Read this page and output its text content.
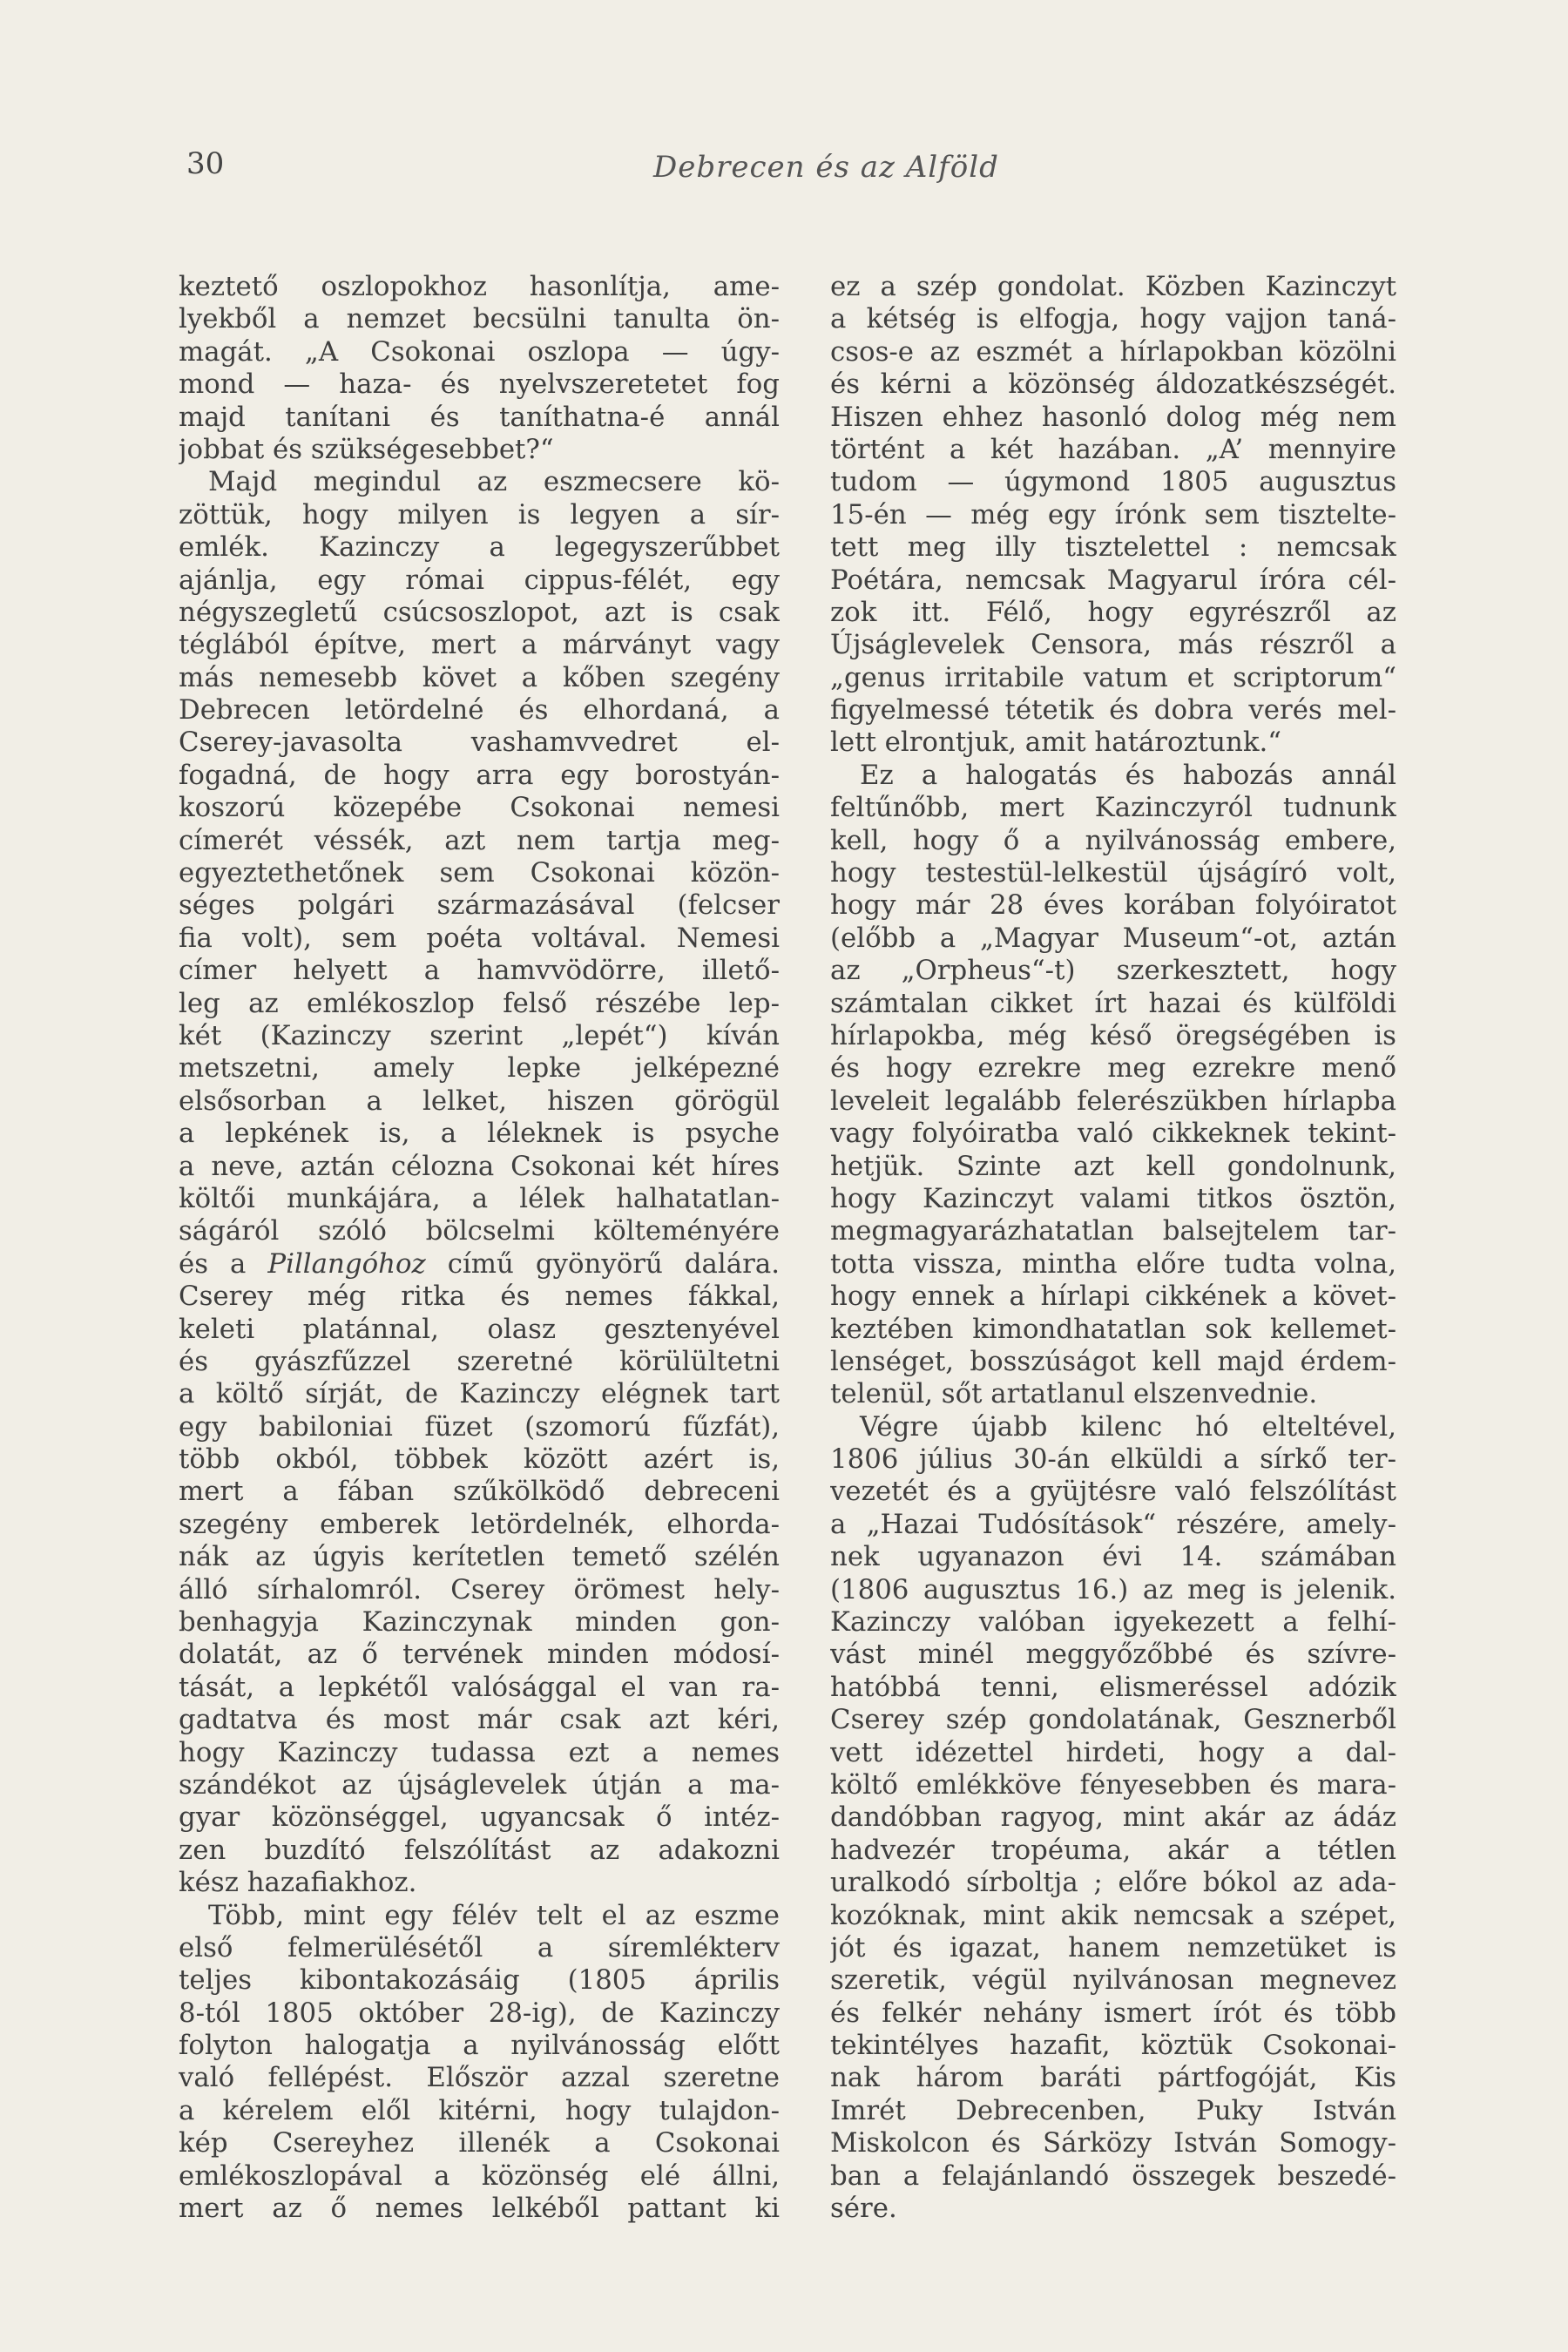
30	Debrecen és az Alföld
keztető oszlopokhoz hasonlítja, ame-
lyekből a nemzet becsülni tanulta ön-
magát. „A Csokonai oszlopa — úgy-
mond — haza- és nyelvszeretetet fog
majd tanítani és taníthatna-é annál
jobbat és szükségesebbet?“
Majd megindul az eszmecsere kö-
zöttük, hogy milyen is legyen a sír-
emlék. Kazinczy a legegyszerűbbet
ajánlja, egy római cippus-félét, egy
négyszegletű csúcsoszlopot, azt is csak
téglából építve, mert a márványt vagy
más nemesebb követ a kőben szegény
Debrecen letördelné és elhordaná, a
Cserey-javasolta vashamvvedret el-
fogadná, de hogy arra egy borostyán-
koszorú közepébe Csokonai nemesi
címerét véssék, azt nem tartja meg-
egyeztethetőnek sem Csokonai közön-
séges polgári származásával (felcser
fia volt), sem poéta voltával. Nemesi
címer helyett a hamvvödörre, illető-
leg az emlékoszlop felső részébe lep-
két (Kazinczy szerint „lepét“) kíván
metszetni, amely lepke jelképezné
elsősorban a lelket, hiszen görögül
a lepkének is, a léleknek is psyche
a neve, aztán célozna Csokonai két híres
költői munkájára, a lélek halhatatlan-
ságáról szóló bölcselmi költeményére
és a Pillangóhoz című gyönyörű dalára.
Cserey még ritka és nemes fákkal,
keleti platánnal, olasz gesztenyével
és gyászfűzzel szeretné körülültetni
a költő sírját, de Kazinczy elégnek tart
egy babiloniai füzet (szomorú fűzfát),
több okból, többek között azért is,
mert a fában szűkölködő debreceni
szegény emberek letördelnék, elhorda-
nák az úgyis kerítetlen temető szélén
álló sírhalomról. Cserey örömest hely-
benhagyja Kazinczynak minden gon-
dolatát, az ő tervének minden módosí-
tását, a lepkétől valósággal el van ra-
gadtatva és most már csak azt kéri,
hogy Kazinczy tudassa ezt a nemes
szándékot az újságlevelek útján a ma-
gyar közönséggel, ugyancsak ő intéz-
zen buzdító felszólítást az adakozni
kész hazafiakhoz.
Több, mint egy félév telt el az eszme
első felmerülésétől a síremlékterv
teljes kibontakozásáig (1805 április
8-tól 1805 október 28-ig), de Kazinczy
folyton halogatja a nyilvánosság előtt
való fellépést. Először azzal szeretne
a kérelem elől kitérni, hogy tulajdon-
kép Csereyhez illenék a Csokonai
emlékoszlopával a közönség elé állni,
mert az ő nemes lelkéből pattant ki
ez a szép gondolat. Közben Kazinczyt
a kétség is elfogja, hogy vajjon taná-
csos-e az eszmét a hírlapokban közölni
és kérni a közönség áldozatkészségét.
Hiszen ehhez hasonló dolog még nem
történt a két hazában. „A’ mennyire
tudom — úgymond 1805 augusztus
15-én — még egy írónk sem tisztelte-
tett meg illy tisztelettel : nemcsak
Poétára, nemcsak Magyarul íróra cél-
zok itt. Félő, hogy egyrészről az
Újságlevelek Censora, más részről a
„genus irritabile vatum et scriptorum“
figyelmessé tétetik és dobra verés mel-
lett elrontjuk, amit határoztunk.“
Ez a halogatás és habozás annál
feltűnőbb, mert Kazinczyról tudnunk
kell, hogy ő a nyilvánosság embere,
hogy testestül-lelkestül újságíró volt,
hogy már 28 éves korában folyóiratot
(előbb a „Magyar Museum“-ot, aztán
az „Orpheus“-t) szerkesztett, hogy
számtalan cikket írt hazai és külföldi
hírlapokba, még késő öregségében is
és hogy ezrekre meg ezrekre menő
leveleit legalább felerészükben hírlapba
vagy folyóiratba való cikkeknek tekint-
hetjük. Szinte azt kell gondolnunk,
hogy Kazinczyt valami titkos ösztön,
megmagyarázhatatlan balsejtelem tar-
totta vissza, mintha előre tudta volna,
hogy ennek a hírlapi cikkének a követ-
keztében kimondhatatlan sok kellemet-
lenséget, bosszúságot kell majd érdem-
telenül, sőt artatlanul elszenvednie.
Végre újabb kilenc hó elteltével,
1806 július 30-án elküldi a sírkő ter-
vezetét és a gyüjtésre való felszólítást
a „Hazai Tudósítások“ részére, amely-
nek ugyanazon évi 14. számában
(1806 augusztus 16.) az meg is jelenik.
Kazinczy valóban igyekezett a felhí-
vást minél meggyőzőbbé és szívre-
hatóbbá tenni, elismeréssel adózik
Cserey szép gondolatának, Gesznerből
vett idézettel hirdeti, hogy a dal-
költő emlékköve fényesebben és mara-
dandóbban ragyog, mint akár az ádáz
hadvezér tropéuma, akár a tétlen
uralkodó sírboltja ; előre bókol az ada-
kozóknak, mint akik nemcsak a szépet,
jót és igazat, hanem nemzetüket is
szeretik, végül nyilvánosan megnevez
és felkér nehány ismert írót és több
tekintélyes hazafit, köztük Csokonai-
nak három baráti pártfogóját, Kis
Imrét Debrecenben, Puky István
Miskolcon és Sárközy István Somogy-
ban a felajánlandó összegek beszedé-
sére.
